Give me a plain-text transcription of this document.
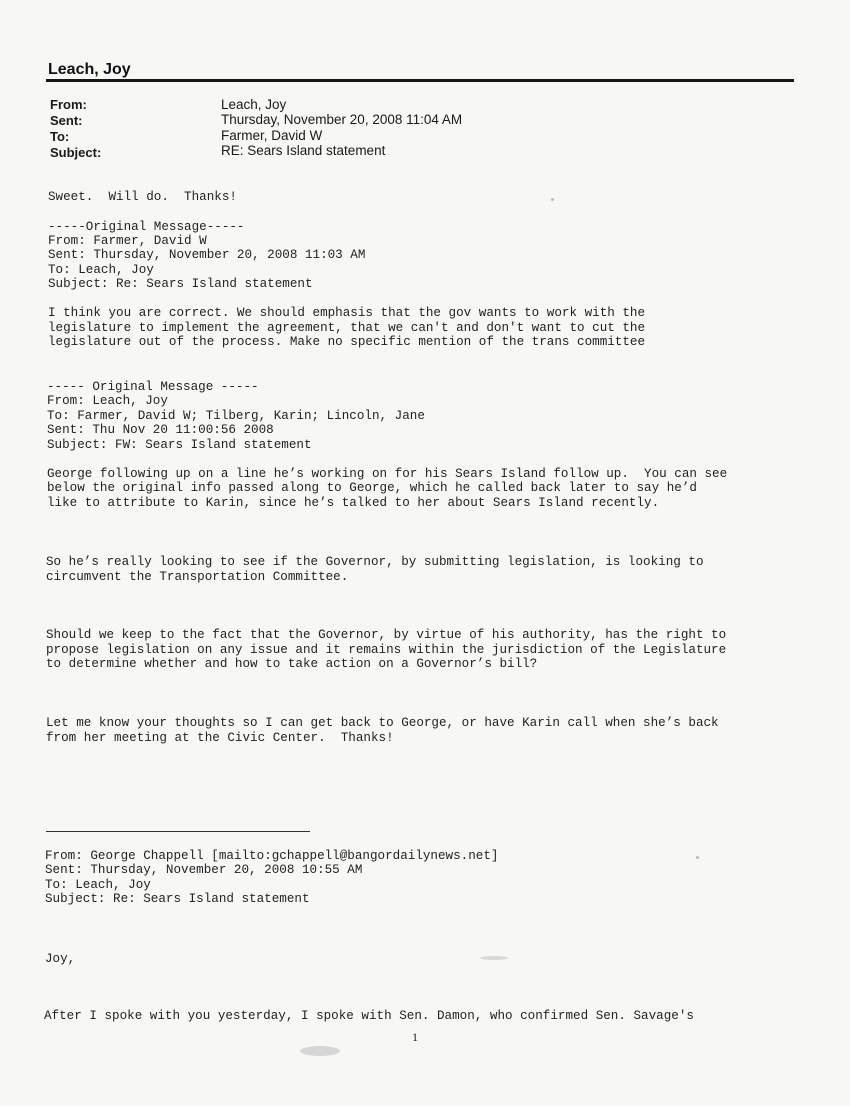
Leach, Joy
From:	Leach, Joy
Sent:	Thursday, November 20, 2008 11:04 AM
To:	Farmer, David W
Subject:	RE: Sears Island statement
Sweet.  Will do.  Thanks!
-----Original Message-----
From: Farmer, David W
Sent: Thursday, November 20, 2008 11:03 AM
To: Leach, Joy
Subject: Re: Sears Island statement
I think you are correct. We should emphasis that the gov wants to work with the
legislature to implement the agreement, that we can't and don't want to cut the
legislature out of the process. Make no specific mention of the trans committee
----- Original Message -----
From: Leach, Joy
To: Farmer, David W; Tilberg, Karin; Lincoln, Jane
Sent: Thu Nov 20 11:00:56 2008
Subject: FW: Sears Island statement
George following up on a line he’s working on for his Sears Island follow up.  You can see
below the original info passed along to George, which he called back later to say he’d
like to attribute to Karin, since he’s talked to her about Sears Island recently.
So he’s really looking to see if the Governor, by submitting legislation, is looking to
circumvent the Transportation Committee.
Should we keep to the fact that the Governor, by virtue of his authority, has the right to
propose legislation on any issue and it remains within the jurisdiction of the Legislature
to determine whether and how to take action on a Governor’s bill?
Let me know your thoughts so I can get back to George, or have Karin call when she’s back
from her meeting at the Civic Center.  Thanks!
From: George Chappell [mailto:gchappell@bangordailynews.net]
Sent: Thursday, November 20, 2008 10:55 AM
To: Leach, Joy
Subject: Re: Sears Island statement
Joy,
After I spoke with you yesterday, I spoke with Sen. Damon, who confirmed Sen. Savage's
1
